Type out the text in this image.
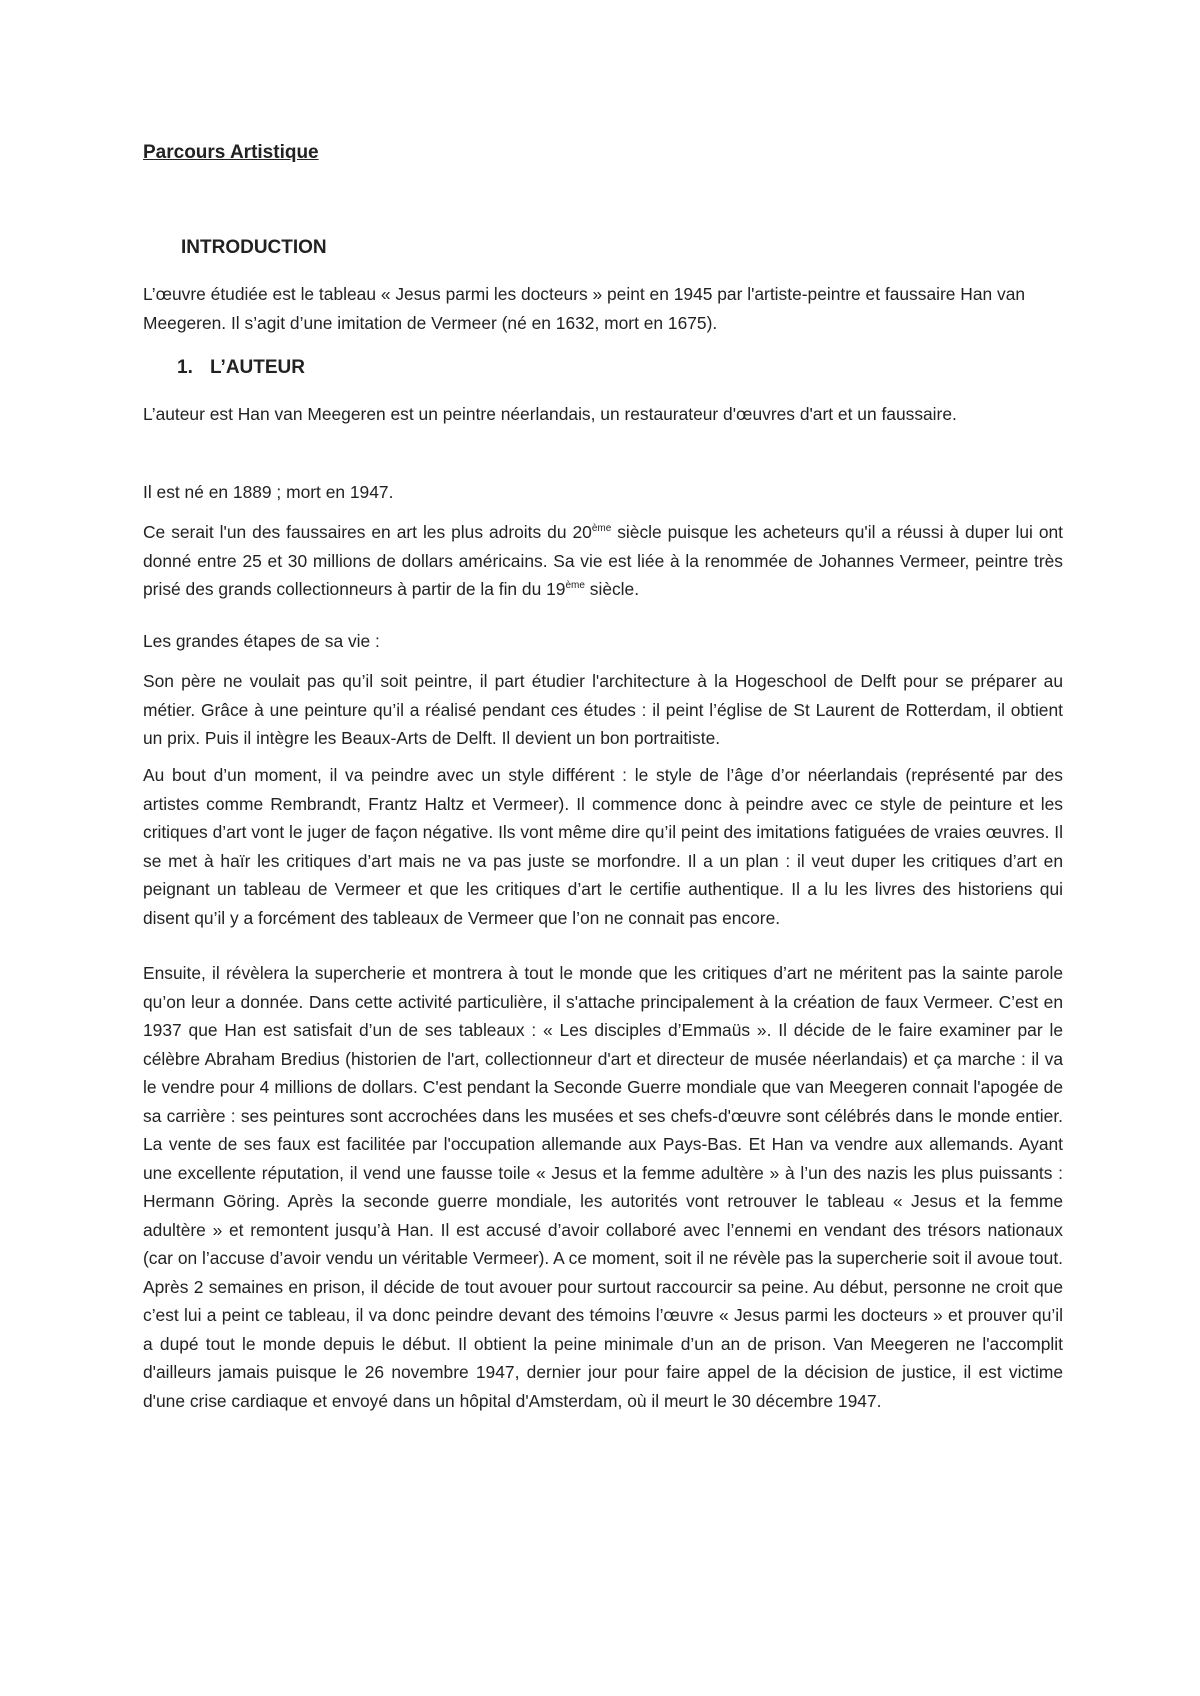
Parcours Artistique
INTRODUCTION

L’œuvre étudiée est le tableau « Jesus parmi les docteurs » peint en 1945 par l'artiste-peintre et faussaire Han van Meegeren. Il s’agit d’une imitation de Vermeer (né en 1632, mort en 1675).

1. L’AUTEUR

L’auteur est Han van Meegeren est un peintre néerlandais, un restaurateur d'œuvres d'art et un faussaire.

Il est né en 1889 ; mort en 1947.

Ce serait l'un des faussaires en art les plus adroits du 20ème siècle puisque les acheteurs qu'il a réussi à duper lui ont donné entre 25 et 30 millions de dollars américains. Sa vie est liée à la renommée de Johannes Vermeer, peintre très prisé des grands collectionneurs à partir de la fin du 19ème siècle.

Les grandes étapes de sa vie :

Son père ne voulait pas qu’il soit peintre, il part étudier l'architecture à la Hogeschool de Delft pour se préparer au métier. Grâce à une peinture qu’il a réalisé pendant ces études : il peint l’église de St Laurent de Rotterdam, il obtient un prix. Puis il intègre les Beaux-Arts de Delft. Il devient un bon portraitiste.

Au bout d’un moment, il va peindre avec un style différent : le style de l’âge d’or néerlandais (représenté par des artistes comme Rembrandt, Frantz Haltz et Vermeer). Il commence donc à peindre avec ce style de peinture et les critiques d’art vont le juger de façon négative. Ils vont même dire qu’il peint des imitations fatiguées de vraies œuvres. Il se met à haïr les critiques d’art mais ne va pas juste se morfondre. Il a un plan : il veut duper les critiques d’art en peignant un tableau de Vermeer et que les critiques d’art le certifie authentique. Il a lu les livres des historiens qui disent qu’il y a forcément des tableaux de Vermeer que l’on ne connait pas encore.

Ensuite, il révèlera la supercherie et montrera à tout le monde que les critiques d’art ne méritent pas la sainte parole qu’on leur a donnée. Dans cette activité particulière, il s'attache principalement à la création de faux Vermeer. C’est en 1937 que Han est satisfait d’un de ses tableaux : « Les disciples d’Emmaüs ». Il décide de le faire examiner par le célèbre Abraham Bredius (historien de l'art, collectionneur d'art et directeur de musée néerlandais) et ça marche : il va le vendre pour 4 millions de dollars. C'est pendant la Seconde Guerre mondiale que van Meegeren connait l'apogée de sa carrière : ses peintures sont accrochées dans les musées et ses chefs-d'œuvre sont célébrés dans le monde entier. La vente de ses faux est facilitée par l'occupation allemande aux Pays-Bas. Et Han va vendre aux allemands. Ayant une excellente réputation, il vend une fausse toile « Jesus et la femme adultère » à l’un des nazis les plus puissants : Hermann Göring. Après la seconde guerre mondiale, les autorités vont retrouver le tableau « Jesus et la femme adultère » et remontent jusqu’à Han. Il est accusé d’avoir collaboré avec l’ennemi en vendant des trésors nationaux (car on l’accuse d’avoir vendu un véritable Vermeer). A ce moment, soit il ne révèle pas la supercherie soit il avoue tout. Après 2 semaines en prison, il décide de tout avouer pour surtout raccourcir sa peine. Au début, personne ne croit que c’est lui a peint ce tableau, il va donc peindre devant des témoins l’œuvre « Jesus parmi les docteurs » et prouver qu’il a dupé tout le monde depuis le début. Il obtient la peine minimale d’un an de prison. Van Meegeren ne l'accomplit d'ailleurs jamais puisque le 26 novembre 1947, dernier jour pour faire appel de la décision de justice, il est victime d'une crise cardiaque et envoyé dans un hôpital d'Amsterdam, où il meurt le 30 décembre 1947.
